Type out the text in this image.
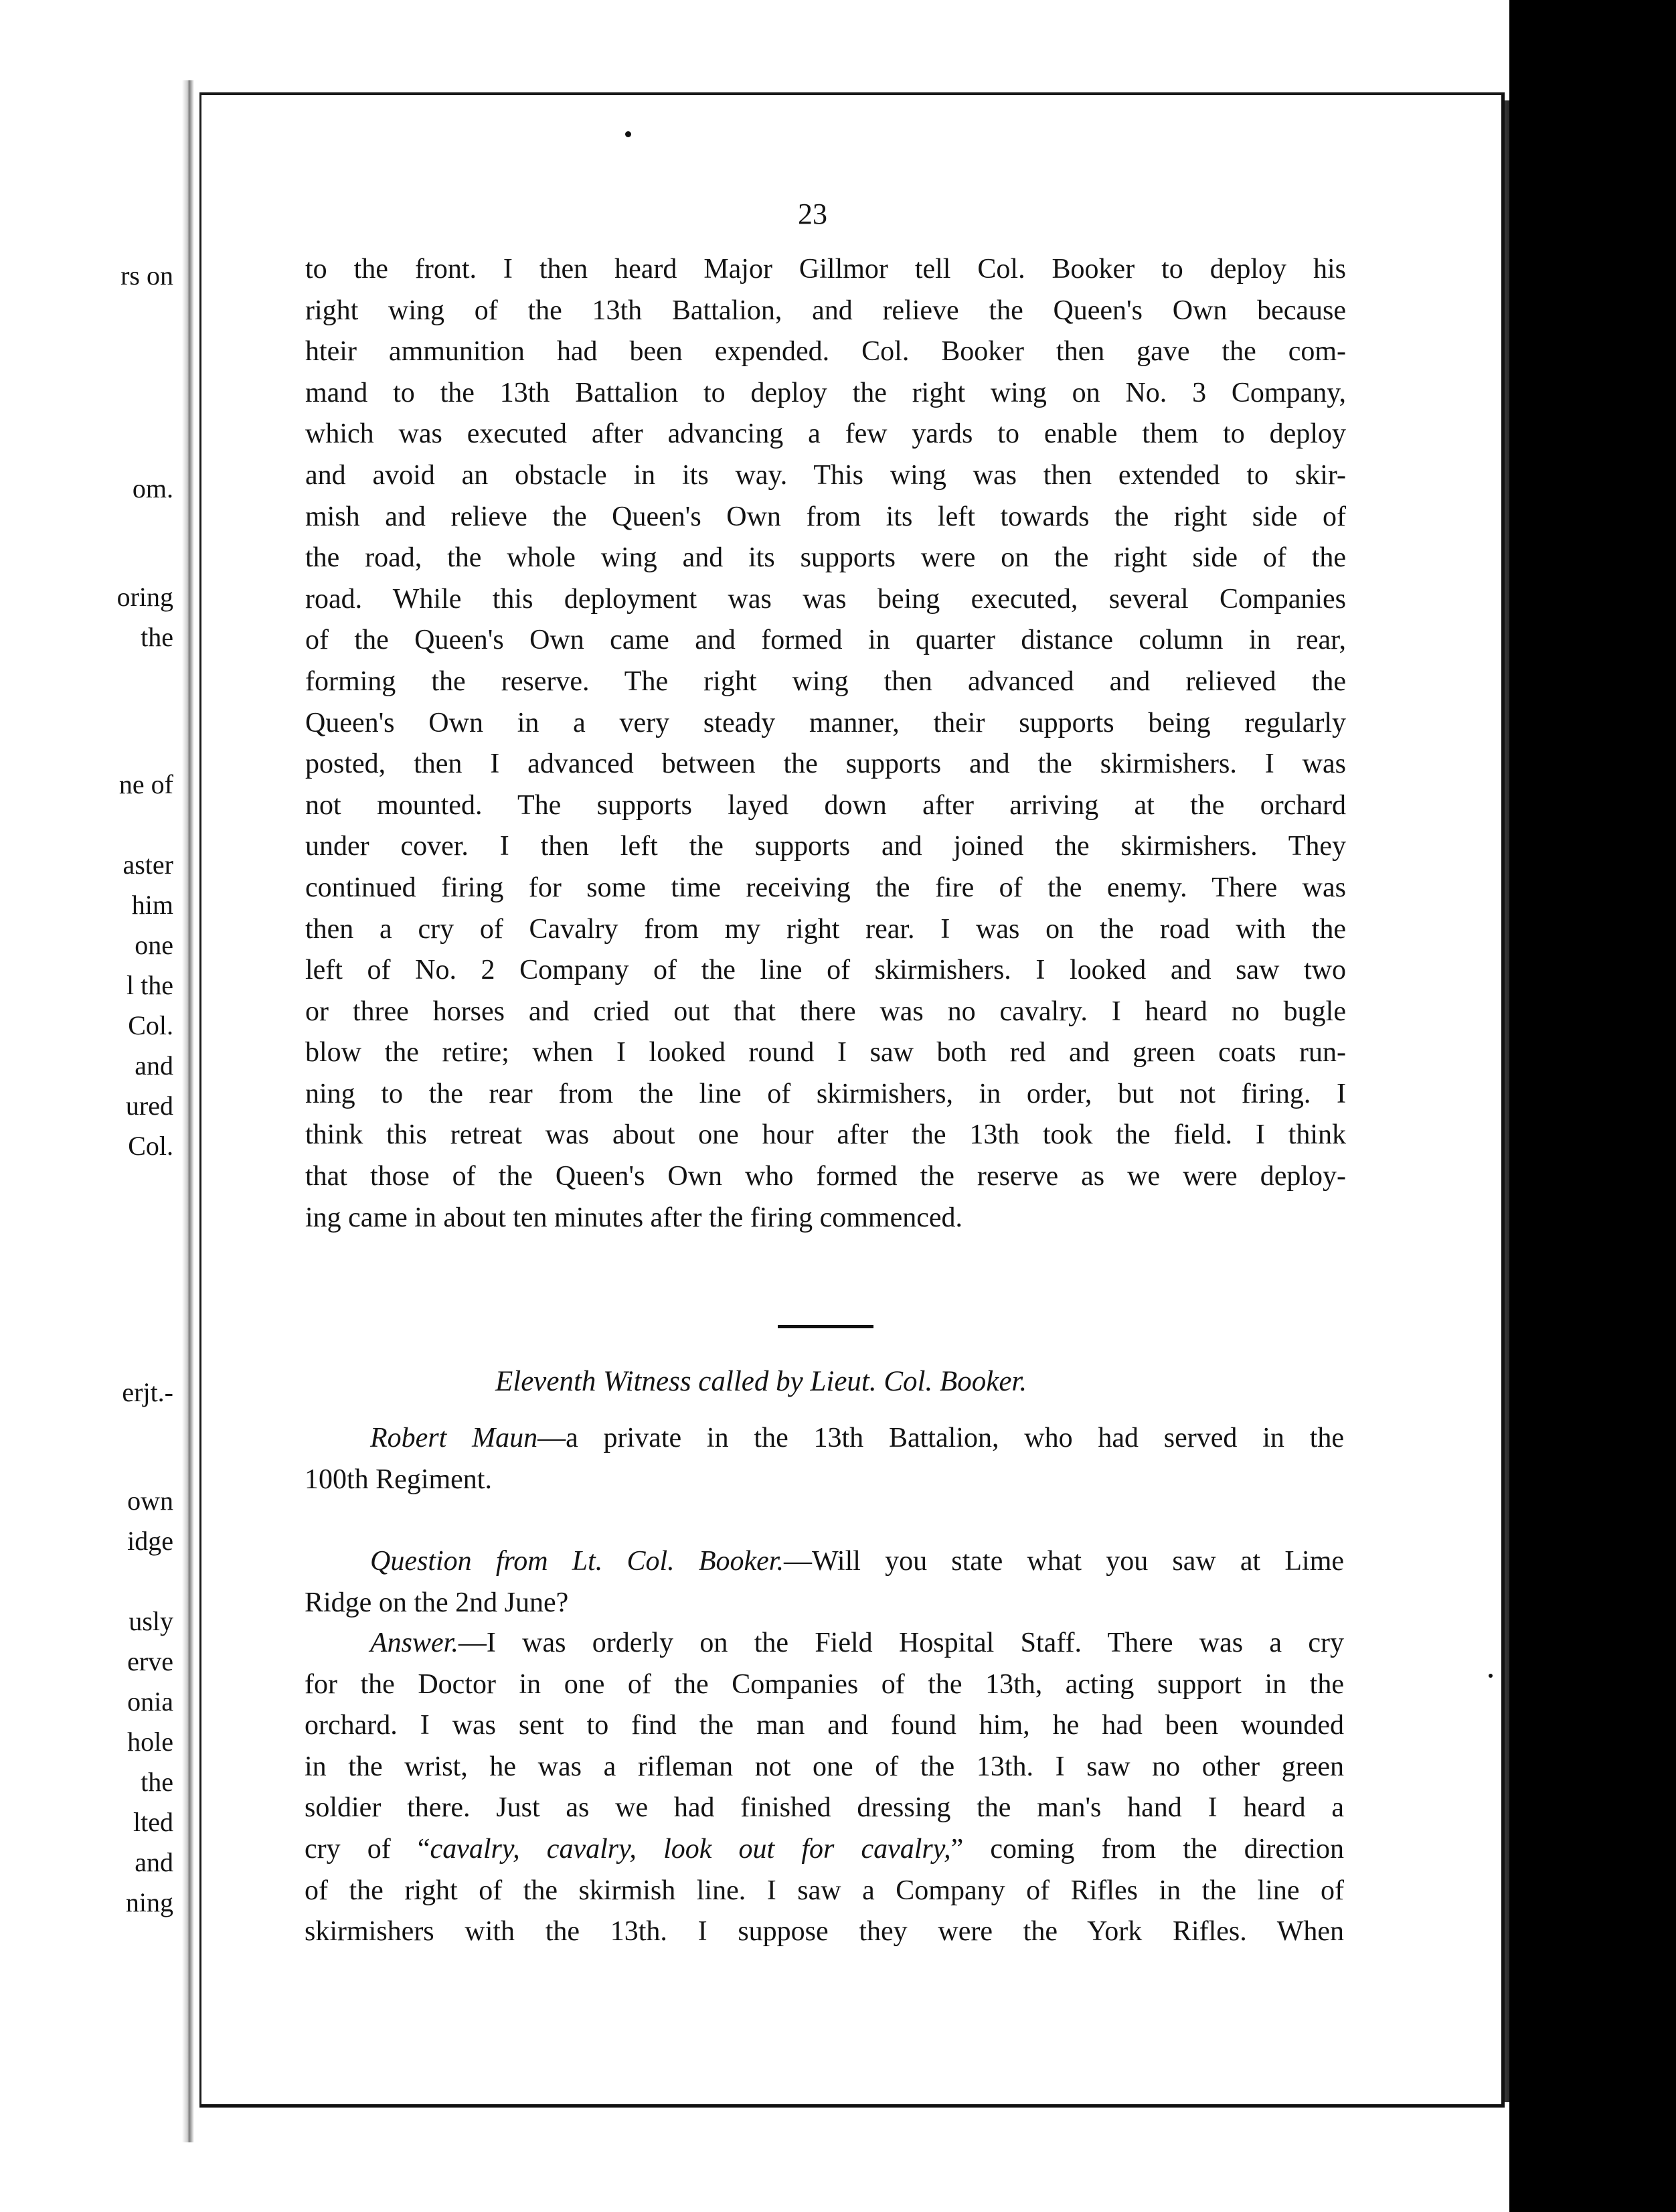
rs on
om.
oring
the
ne of
aster
him
one
l the
Col.
and
ured
Col.
erjt.-
own
idge
usly
erve
onia
hole
the
lted
and
ning
23
to the front. I then heard Major Gillmor tell Col. Booker to deploy his
right wing of the 13th Battalion, and relieve the Queen's Own because
hteir ammunition had been expended. Col. Booker then gave the com-
mand to the 13th Battalion to deploy the right wing on No. 3 Company,
which was executed after advancing a few yards to enable them to deploy
and avoid an obstacle in its way. This wing was then extended to skir-
mish and relieve the Queen's Own from its left towards the right side of
the road, the whole wing and its supports were on the right side of the
road. While this deployment was was being executed, several Companies
of the Queen's Own came and formed in quarter distance column in rear,
forming the reserve. The right wing then advanced and relieved the
Queen's Own in a very steady manner, their supports being regularly
posted, then I advanced between the supports and the skirmishers. I was
not mounted. The supports layed down after arriving at the orchard
under cover. I then left the supports and joined the skirmishers. They
continued firing for some time receiving the fire of the enemy. There was
then a cry of Cavalry from my right rear. I was on the road with the
left of No. 2 Company of the line of skirmishers. I looked and saw two
or three horses and cried out that there was no cavalry. I heard no bugle
blow the retire; when I looked round I saw both red and green coats run-
ning to the rear from the line of skirmishers, in order, but not firing. I
think this retreat was about one hour after the 13th took the field. I think
that those of the Queen's Own who formed the reserve as we were deploy-
ing came in about ten minutes after the firing commenced.
Eleventh Witness called by Lieut. Col. Booker.
Robert Maun—a private in the 13th Battalion, who had served in the
100th Regiment.
Question from Lt. Col. Booker.—Will you state what you saw at Lime
Ridge on the 2nd June?
Answer.—I was orderly on the Field Hospital Staff. There was a cry
for the Doctor in one of the Companies of the 13th, acting support in the
orchard. I was sent to find the man and found him, he had been wounded
in the wrist, he was a rifleman not one of the 13th. I saw no other green
soldier there. Just as we had finished dressing the man's hand I heard a
cry of “cavalry, cavalry, look out for cavalry,” coming from the direction
of the right of the skirmish line. I saw a Company of Rifles in the line of
skirmishers with the 13th. I suppose they were the York Rifles. When
